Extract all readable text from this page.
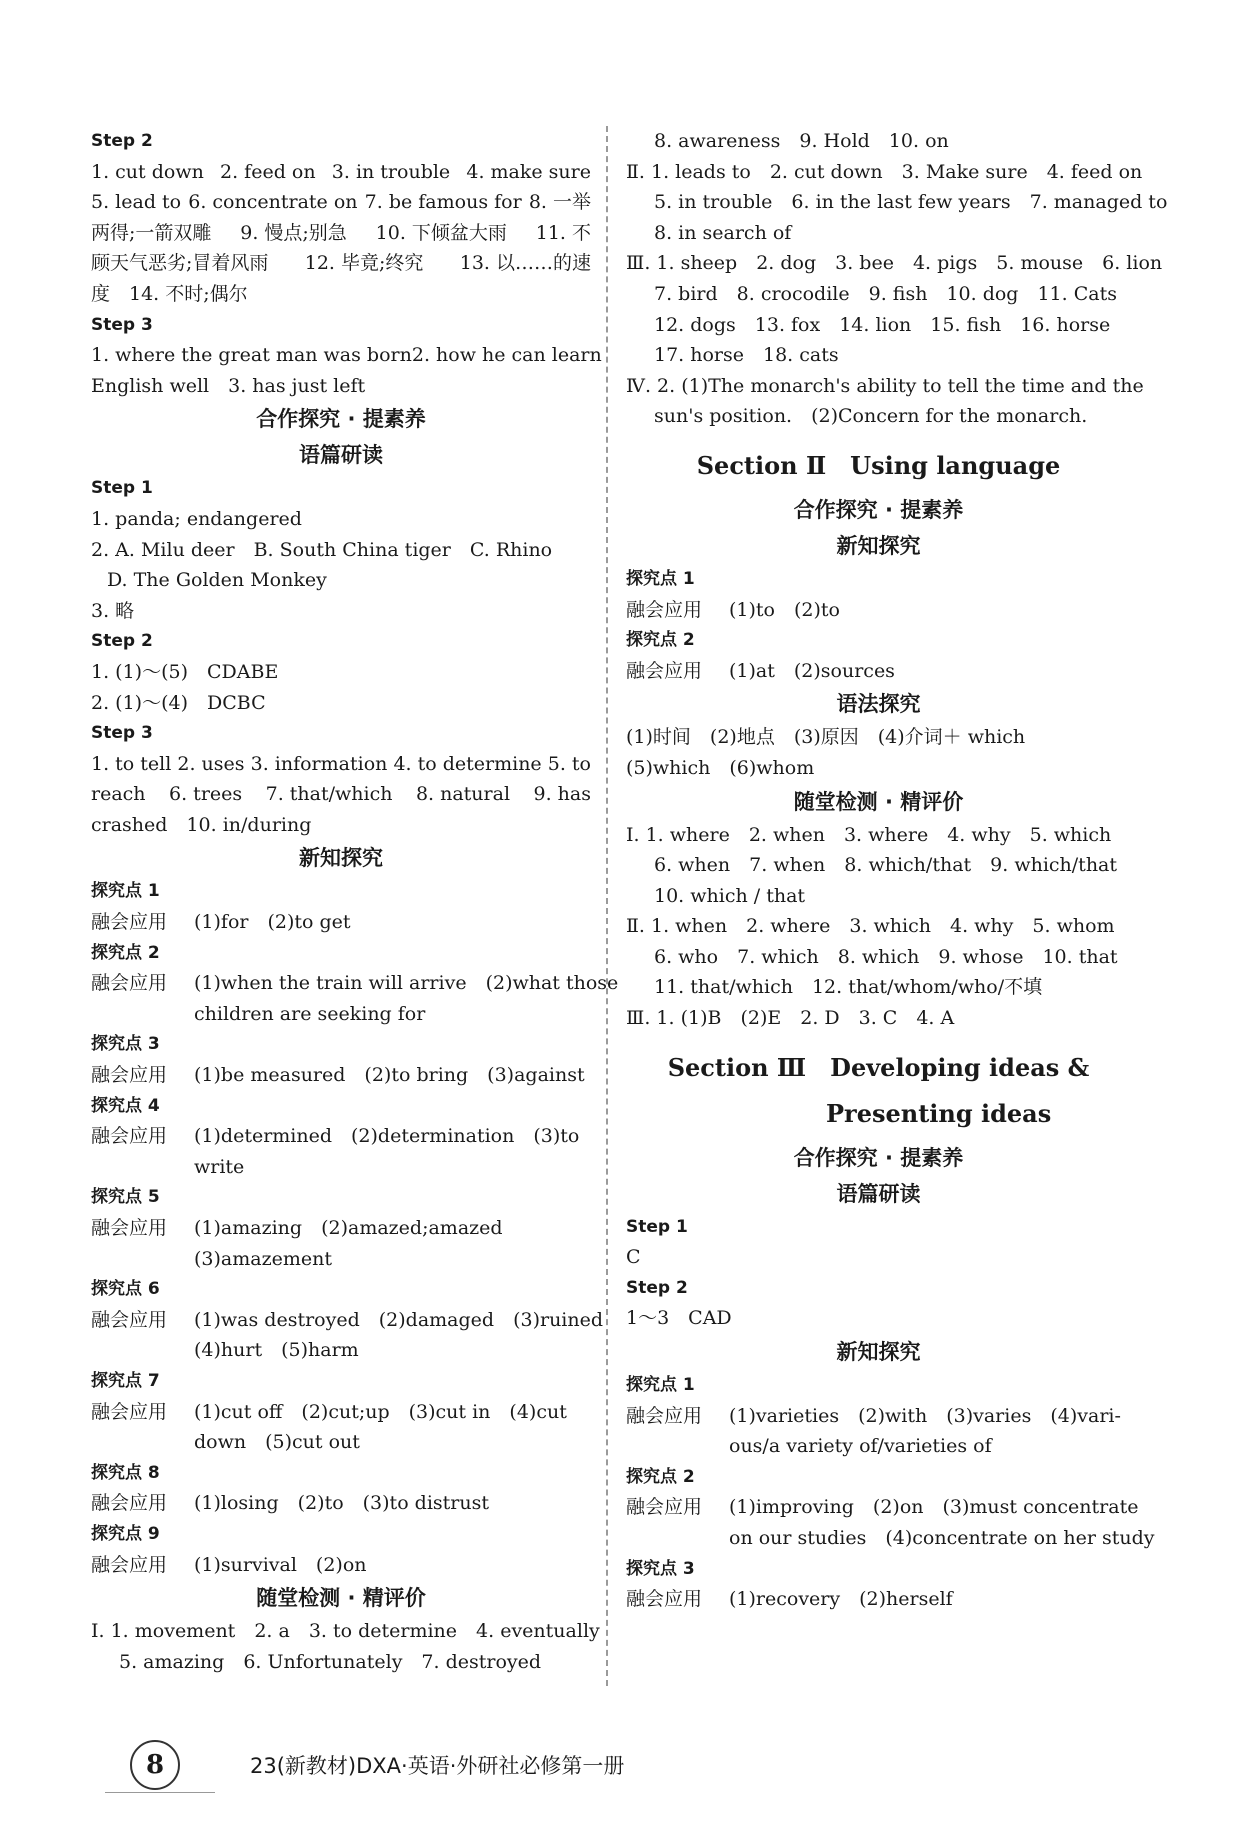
Step 2
1. cut down 2. feed on 3. in trouble 4. make sure
5. lead to 6. concentrate on 7. be famous for 8. 一举
两得;一箭双雕 9. 慢点;别急 10. 下倾盆大雨 11. 不
顾天气恶劣;冒着风雨 12. 毕竟;终究 13. 以……的速
度　14. 不时;偶尔
Step 3
1. where the great man was born 2. how he can learn
English well　3. has just left
合作探究 · 提素养
语篇研读
Step 1
1. panda; endangered
2. A. Milu deer　B. South China tiger　C. Rhino
D. The Golden Monkey
3. 略
Step 2
1. (1)～(5)　CDABE
2. (1)～(4)　DCBC
Step 3
1. to tell 2. uses 3. information 4. to determine 5. to
reach 6. trees 7. that/which 8. natural 9. has
crashed　10. in/during
新知探究
探究点 1
融会应用	(1)for　(2)to get
探究点 2
融会应用	(1)when the train will arrive　(2)what those
children are seeking for
探究点 3
融会应用	(1)be measured　(2)to bring　(3)against
探究点 4
融会应用	(1)determined　(2)determination　(3)to
write
探究点 5
融会应用	(1)amazing　(2)amazed;amazed
(3)amazement
探究点 6
融会应用	(1)was destroyed　(2)damaged　(3)ruined
(4)hurt　(5)harm
探究点 7
融会应用	(1)cut off　(2)cut;up　(3)cut in　(4)cut
down　(5)cut out
探究点 8
融会应用	(1)losing　(2)to　(3)to distrust
探究点 9
融会应用	(1)survival　(2)on
随堂检测 · 精评价
Ⅰ. 1. movement　2. a　3. to determine　4. eventually
5. amazing　6. Unfortunately　7. destroyed
8. awareness　9. Hold　10. on
Ⅱ. 1. leads to　2. cut down　3. Make sure　4. feed on
5. in trouble　6. in the last few years　7. managed to
8. in search of
Ⅲ. 1. sheep　2. dog　3. bee　4. pigs　5. mouse　6. lion
7. bird　8. crocodile　9. fish　10. dog　11. Cats
12. dogs　13. fox　14. lion　15. fish　16. horse
17. horse　18. cats
Ⅳ. 2. (1)The monarch's ability to tell the time and the
sun's position.　(2)Concern for the monarch.
Section Ⅱ　Using language
合作探究 · 提素养
新知探究
探究点 1
融会应用	(1)to　(2)to
探究点 2
融会应用	(1)at　(2)sources
语法探究
(1)时间　(2)地点　(3)原因　(4)介词＋ which
(5)which　(6)whom
随堂检测 · 精评价
Ⅰ. 1. where　2. when　3. where　4. why　5. which
6. when　7. when　8. which/that　9. which/that
10. which / that
Ⅱ. 1. when　2. where　3. which　4. why　5. whom
6. who　7. which　8. which　9. whose　10. that
11. that/which　12. that/whom/who/不填
Ⅲ. 1. (1)B　(2)E　2. D　3. C　4. A
Section Ⅲ　Developing ideas &
Presenting ideas
合作探究 · 提素养
语篇研读
Step 1
C
Step 2
1～3　CAD
新知探究
探究点 1
融会应用	(1)varieties　(2)with　(3)varies　(4)vari-
ous/a variety of/varieties of
探究点 2
融会应用	(1)improving　(2)on　(3)must concentrate
on our studies　(4)concentrate on her study
探究点 3
融会应用	(1)recovery　(2)herself
8	23(新教材)DXA·英语·外研社必修第一册
